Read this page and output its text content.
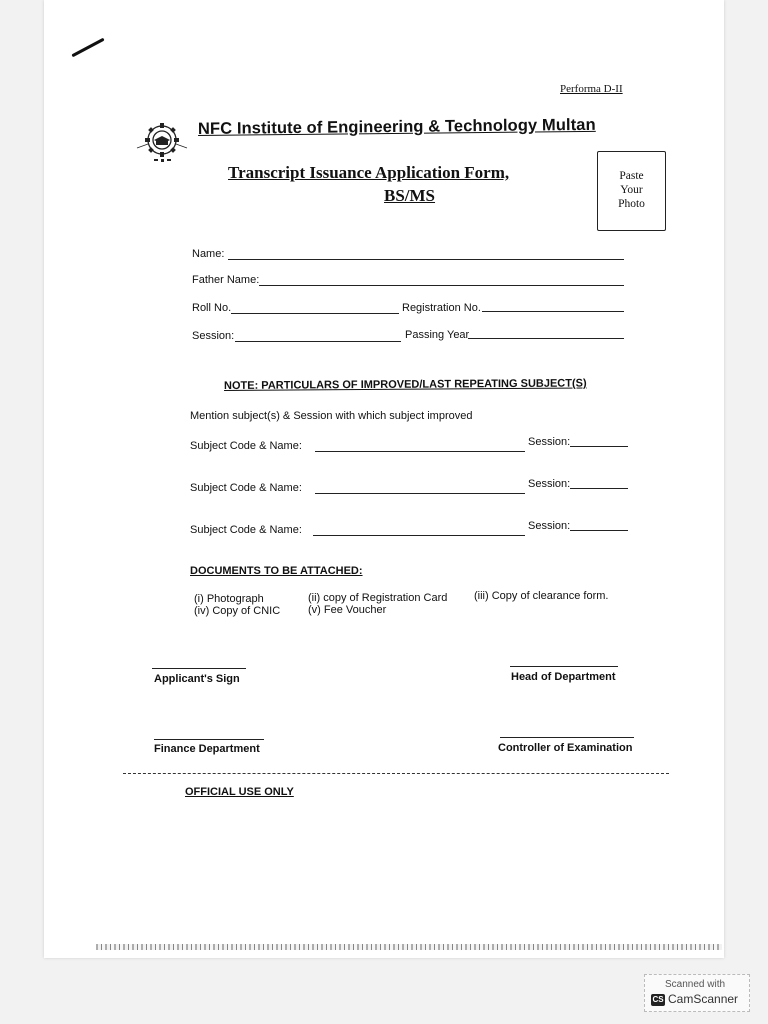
Performa D-II
NFC Institute of Engineering & Technology Multan
Transcript Issuance Application Form,
BS/MS
Paste
Your
Photo
Name:
Father Name:
Roll No.	Registration No.
Session:	Passing Year
NOTE: PARTICULARS OF IMPROVED/LAST REPEATING SUBJECT(S)
Mention subject(s) & Session with which subject improved
Subject Code & Name:	Session:
Subject Code & Name:	Session:
Subject Code & Name:	Session:
DOCUMENTS TO BE ATTACHED:
(i) Photograph	(ii) copy of Registration Card (iii) Copy of clearance form.
(iv) Copy of CNIC	(v) Fee Voucher
Applicant's Sign	Head of Department
Finance Department	Controller of Examination
OFFICIAL USE ONLY
Scanned with
CS CamScanner
